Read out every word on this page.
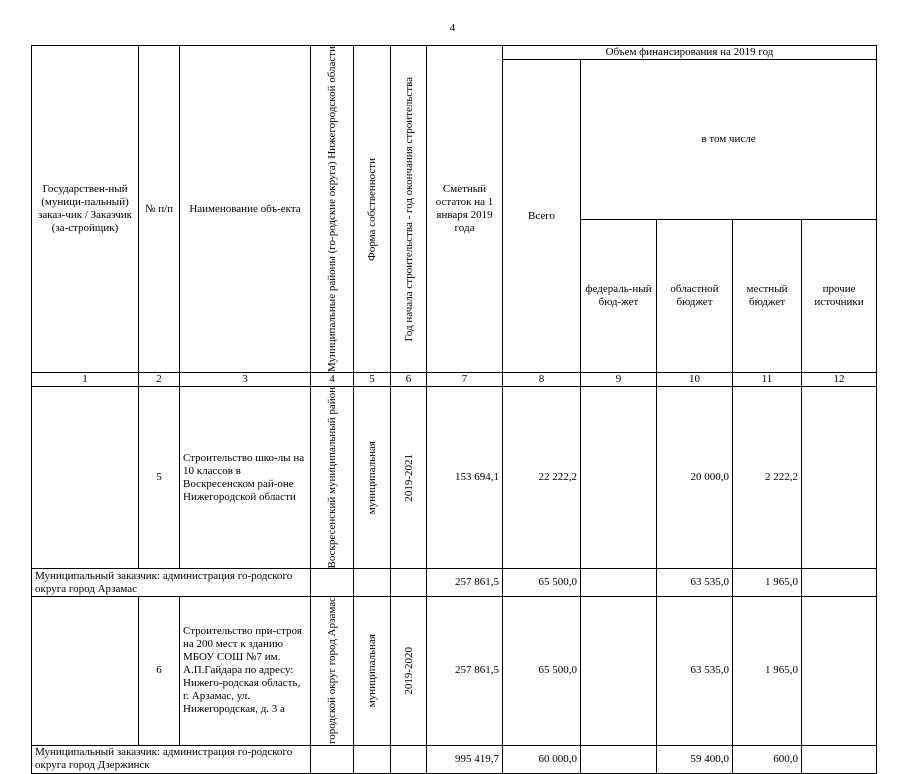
4
Государствен-ный (муници-пальный) заказ-чик / Заказчик (за-стройщик)	№ п/п	Наименование объ-екта	Муниципальные районы (го-родские округа) Нижегородской области	Форма собственности	Год начала строительства - год окончания строительства	Сметный остаток на 1 января 2019 года	Объем финансирования на 2019 год				
							Всего	в том числе			
								федераль-ный бюд-жет	областной бюджет	местный бюджет	прочие источники
1	2	3	4	5	6	7	8	9	10	11	12
	5	Строительство шко-лы на 10 классов в Воскресенском рай-оне Нижегородской области	Воскресенский муниципальный район	муниципальная	2019-2021	153 694,1	22 222,2		20 000,0	2 222,2	
Муниципальный заказчик: администрация го-родского округа город Арзамас						257 861,5	65 500,0		63 535,0	1 965,0	
	6	Строительство при-строя на 200 мест к зданию МБОУ СОШ №7 им. А.П.Гайдара по адресу: Нижего-родская область, г. Арзамас, ул. Нижегородская, д. 3 а	городской округ город Арзамас	муниципальная	2019-2020	257 861,5	65 500,0		63 535,0	1 965,0	
Муниципальный заказчик: администрация го-родского округа город Дзержинск						995 419,7	60 000,0		59 400,0	600,0	
